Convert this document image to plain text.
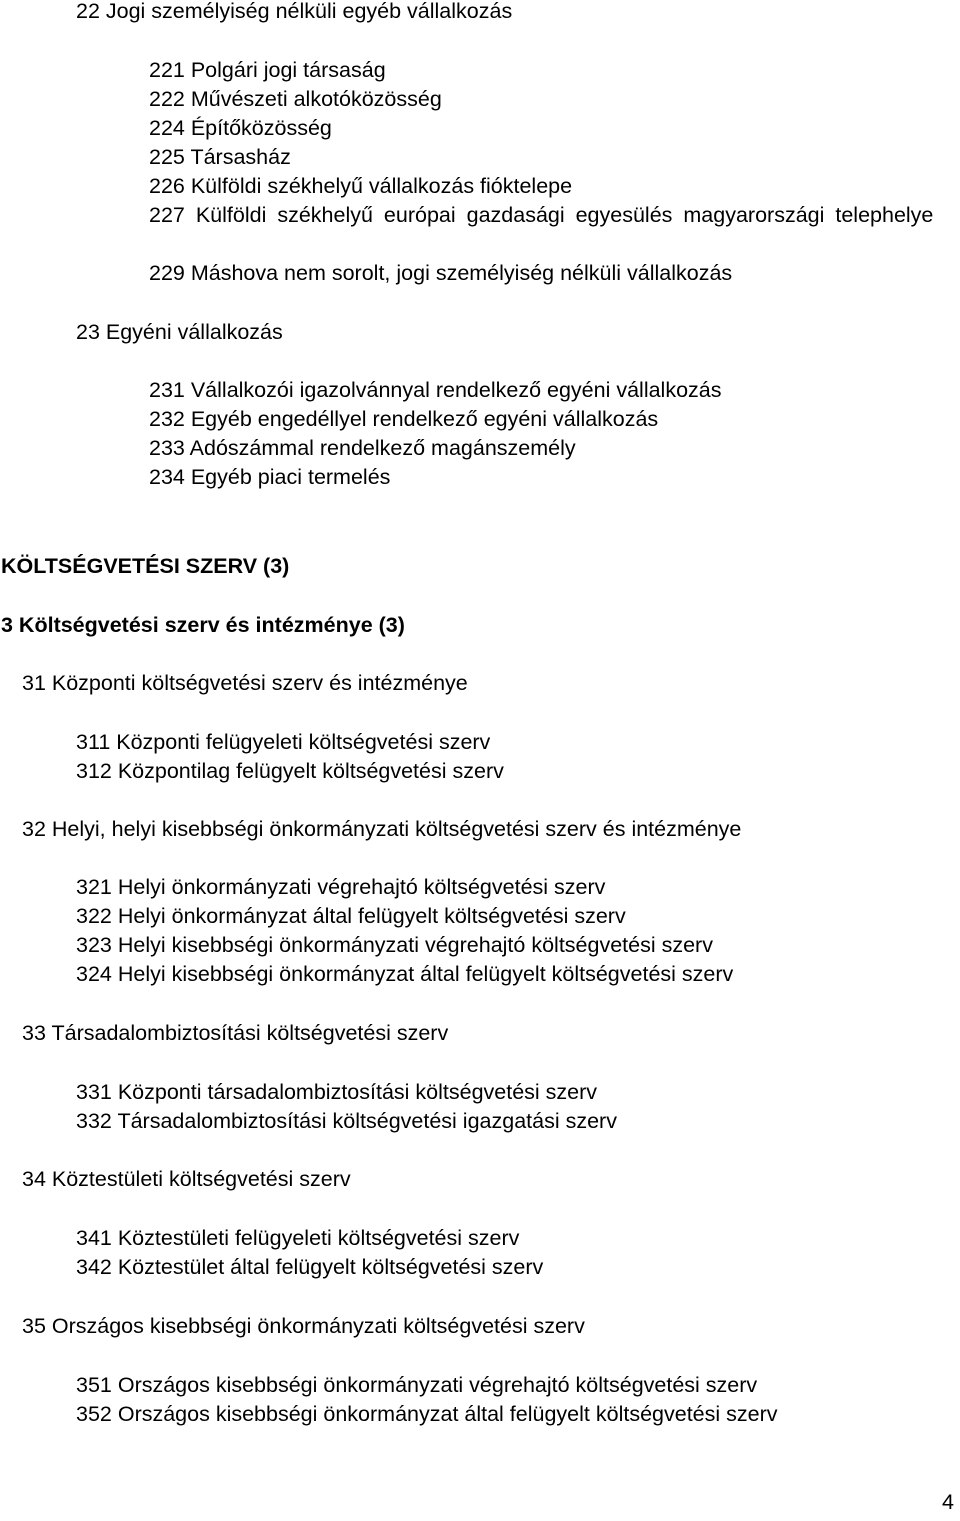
22 Jogi személyiség nélküli egyéb vállalkozás

221 Polgári jogi társaság

222 Művészeti alkotóközösség

224 Építőközösség

225 Társasház

226 Külföldi székhelyű vállalkozás fióktelepe

227 Külföldi székhelyű európai gazdasági egyesülés magyarországi telephelye

229 Máshova nem sorolt, jogi személyiség nélküli vállalkozás

23 Egyéni vállalkozás

231 Vállalkozói igazolvánnyal rendelkező egyéni vállalkozás

232 Egyéb engedéllyel rendelkező egyéni vállalkozás

233 Adószámmal rendelkező magánszemély

234 Egyéb piaci termelés

KÖLTSÉGVETÉSI SZERV (3)

3 Költségvetési szerv és intézménye (3)

31 Központi költségvetési szerv és intézménye

311 Központi felügyeleti költségvetési szerv

312 Központilag felügyelt költségvetési szerv

32 Helyi, helyi kisebbségi önkormányzati költségvetési szerv és intézménye

321 Helyi önkormányzati végrehajtó költségvetési szerv

322 Helyi önkormányzat által felügyelt költségvetési szerv

323 Helyi kisebbségi önkormányzati végrehajtó költségvetési szerv

324 Helyi kisebbségi önkormányzat által felügyelt költségvetési szerv

33 Társadalombiztosítási költségvetési szerv

331 Központi társadalombiztosítási költségvetési szerv

332 Társadalombiztosítási költségvetési igazgatási szerv

34 Köztestületi költségvetési szerv

341 Köztestületi felügyeleti költségvetési szerv

342 Köztestület által felügyelt költségvetési szerv

35 Országos kisebbségi önkormányzati költségvetési szerv

351 Országos kisebbségi önkormányzati végrehajtó költségvetési szerv

352 Országos kisebbségi önkormányzat által felügyelt költségvetési szerv

4
